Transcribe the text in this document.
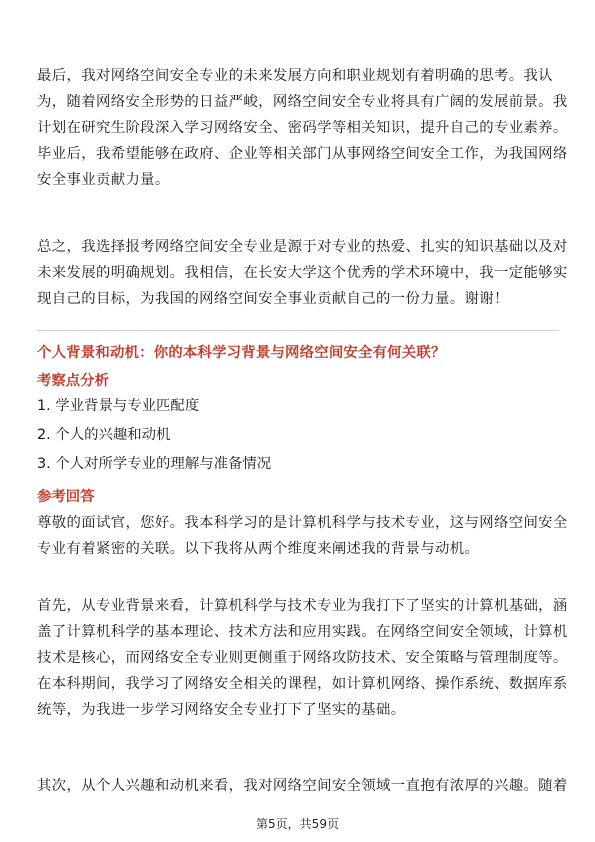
最后，我对网络空间安全专业的未来发展方向和职业规划有着明确的思考。我认
为，随着网络安全形势的日益严峻，网络空间安全专业将具有广阔的发展前景。我
计划在研究生阶段深入学习网络安全、密码学等相关知识，提升自己的专业素养。
毕业后，我希望能够在政府、企业等相关部门从事网络空间安全工作，为我国网络
安全事业贡献力量。

总之，我选择报考网络空间安全专业是源于对专业的热爱、扎实的知识基础以及对
未来发展的明确规划。我相信，在长安大学这个优秀的学术环境中，我一定能够实
现自己的目标，为我国的网络空间安全事业贡献自己的一份力量。谢谢！

个人背景和动机：你的本科学习背景与网络空间安全有何关联？
考察点分析
1. 学业背景与专业匹配度
2. 个人的兴趣和动机
3. 个人对所学专业的理解与准备情况
参考回答

尊敬的面试官，您好。我本科学习的是计算机科学与技术专业，这与网络空间安全
专业有着紧密的关联。以下我将从两个维度来阐述我的背景与动机。

首先，从专业背景来看，计算机科学与技术专业为我打下了坚实的计算机基础，涵
盖了计算机科学的基本理论、技术方法和应用实践。在网络空间安全领域，计算机
技术是核心，而网络安全专业则更侧重于网络攻防技术、安全策略与管理制度等。
在本科期间，我学习了网络安全相关的课程，如计算机网络、操作系统、数据库系
统等，为我进一步学习网络安全专业打下了坚实的基础。

其次，从个人兴趣和动机来看，我对网络空间安全领域一直抱有浓厚的兴趣。随着

第5页，共59页
